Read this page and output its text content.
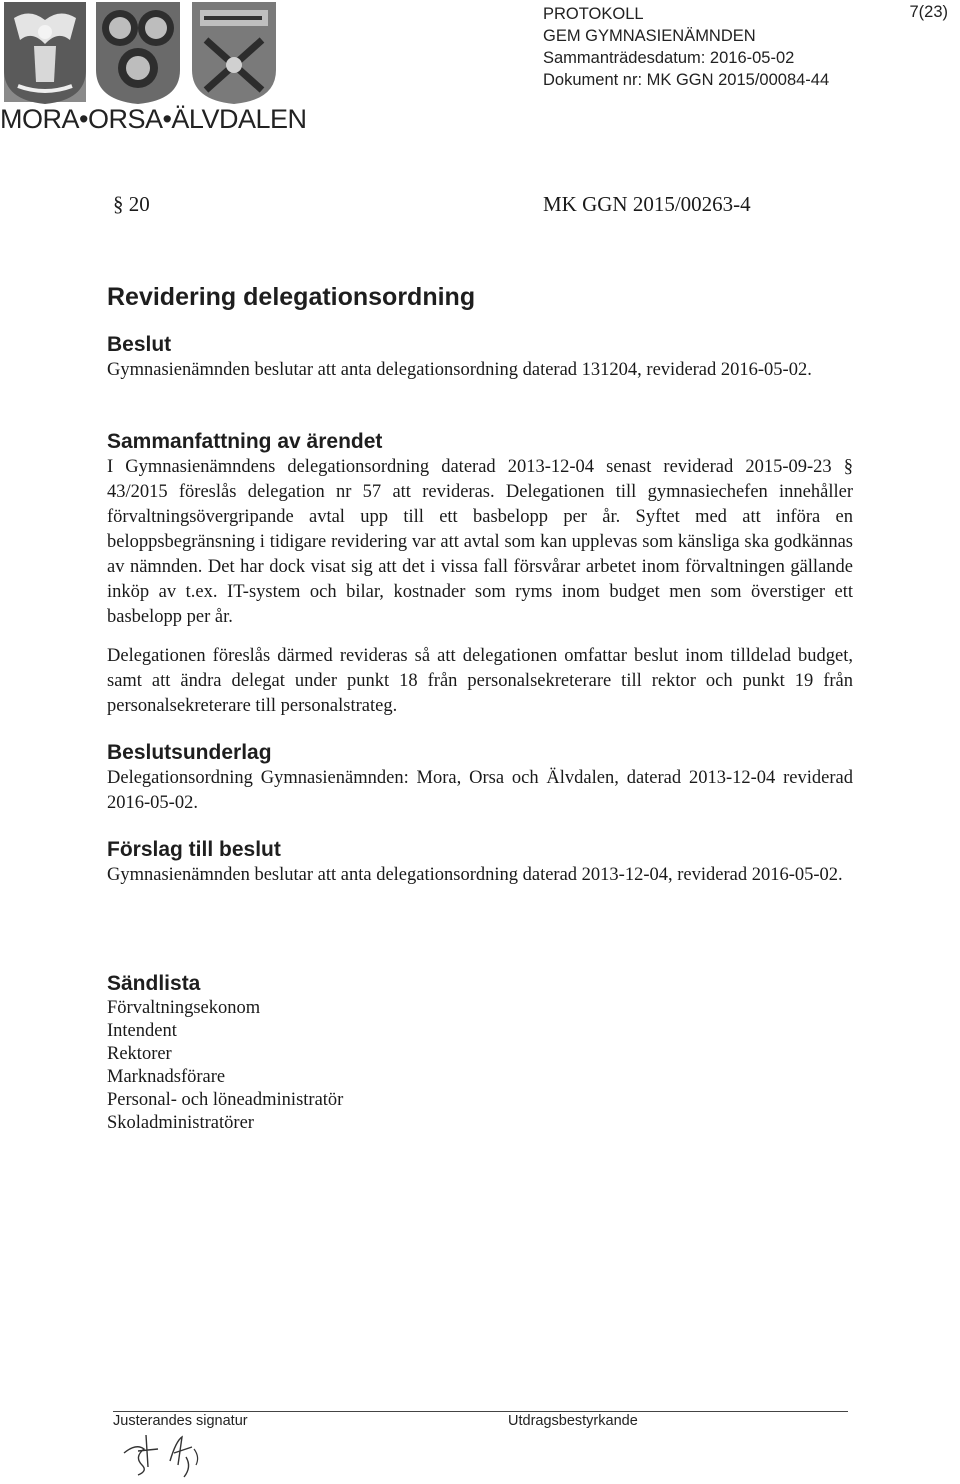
MORA•ORSA•ÄLVDALEN
PROTOKOLL
GEM GYMNASIENÄMNDEN
Sammanträdesdatum: 2016-05-02
Dokument nr: MK GGN 2015/00084-44
7(23)
§ 20	MK GGN 2015/00263-4
Revidering delegationsordning
Beslut

Gymnasienämnden beslutar att anta delegationsordning daterad 131204, reviderad 2016-05-02.

Sammanfattning av ärendet

I Gymnasienämndens delegationsordning daterad 2013-12-04 senast reviderad 2015-09-23 § 43/2015 föreslås delegation nr 57 att revideras. Delegationen till gymnasiechefen innehåller förvaltningsövergripande avtal upp till ett basbelopp per år. Syftet med att införa en beloppsbegränsning i tidigare revidering var att avtal som kan upplevas som känsliga ska godkännas av nämnden. Det har dock visat sig att det i vissa fall försvårar arbetet inom förvaltningen gällande inköp av t.ex. IT-system och bilar, kostnader som ryms inom budget men som överstiger ett basbelopp per år.

Delegationen föreslås därmed revideras så att delegationen omfattar beslut inom tilldelad budget, samt att ändra delegat under punkt 18 från personalsekreterare till rektor och punkt 19 från personalsekreterare till personalstrateg.

Beslutsunderlag

Delegationsordning Gymnasienämnden: Mora, Orsa och Älvdalen, daterad 2013-12-04 reviderad 2016-05-02.

Förslag till beslut

Gymnasienämnden beslutar att anta delegationsordning daterad 2013-12-04, reviderad 2016-05-02.

Sändlista
Förvaltningsekonom
Intendent
Rektorer
Marknadsförare
Personal- och löneadministratör
Skoladministratörer
Justerandes signatur	Utdragsbestyrkande
